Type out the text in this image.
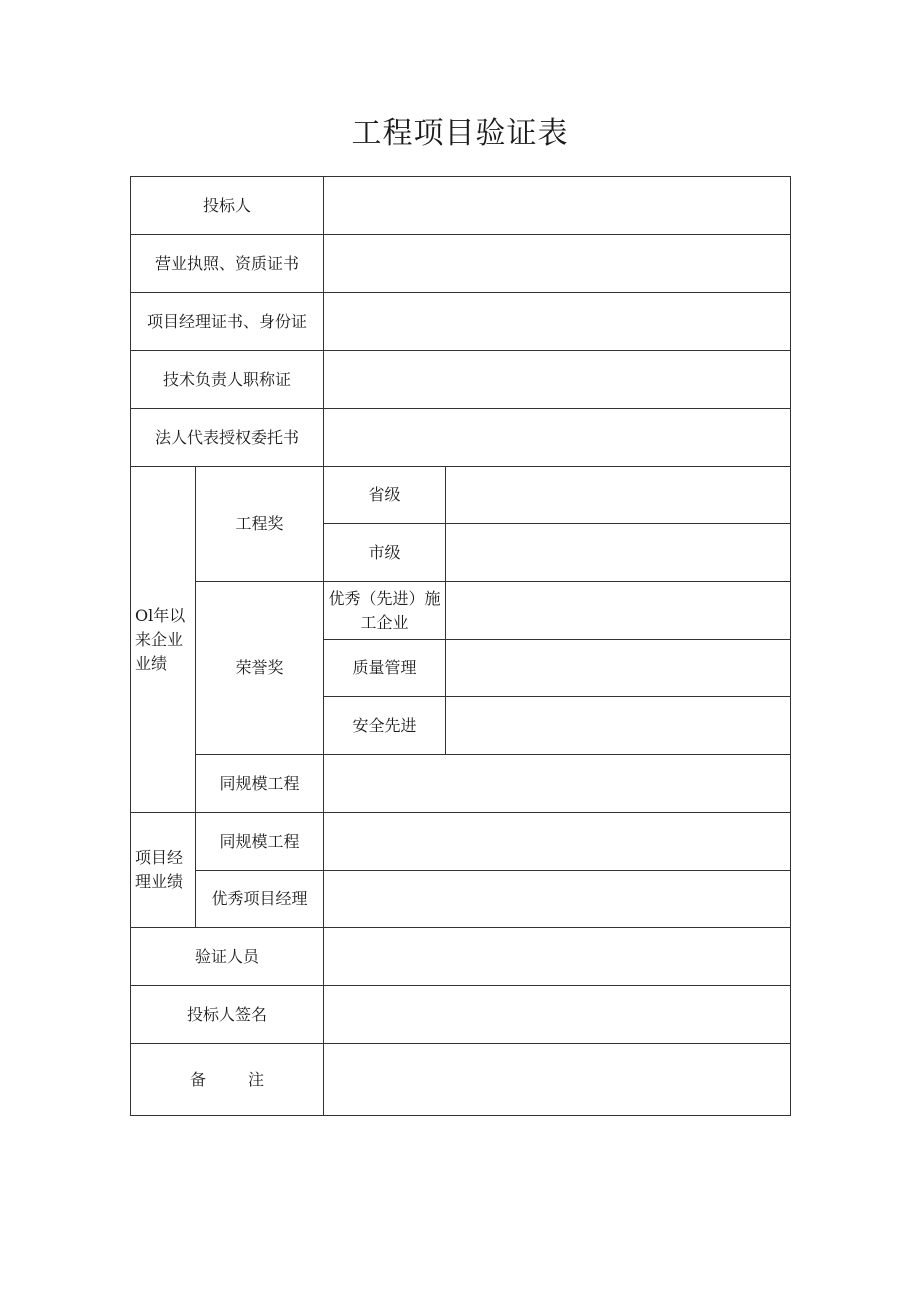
工程项目验证表
投标人			
营业执照、资质证书			
项目经理证书、身份证			
技术负责人职称证			
法人代表授权委托书			
Ol年以来企业业绩	工程奖	省级	
		市级	
	荣誉奖	优秀（先进）施工企业	
		质量管理	
		安全先进	
	同规模工程		
项目经理业绩	同规模工程		
	优秀项目经理		
验证人员			
投标人签名			
备 注			
